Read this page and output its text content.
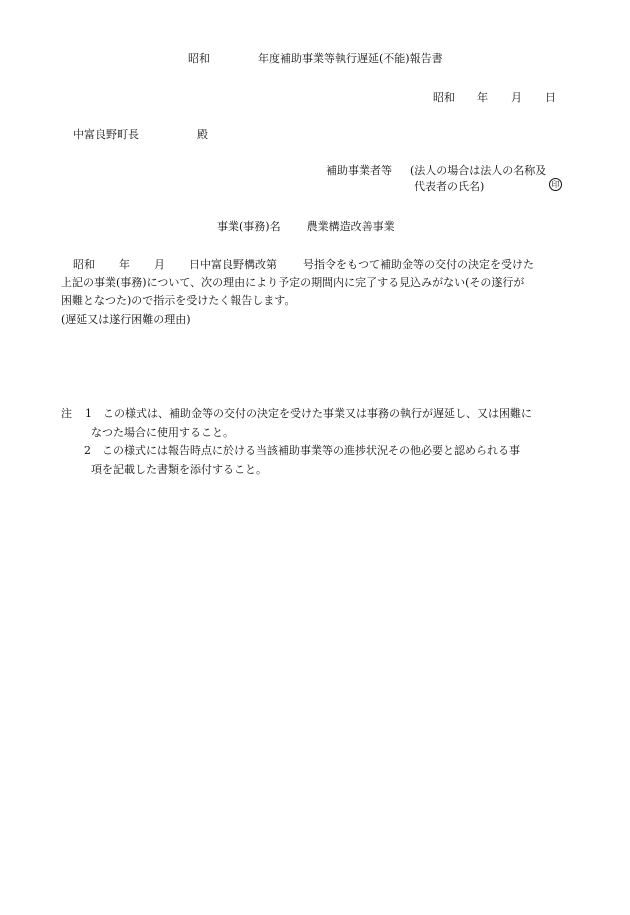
昭和	年度補助事業等執行遅延(不能)報告書
昭和 年 月 日
中富良野町長	殿
補助事業者等 (法人の場合は法人の名称及
代表者の氏名)	印
事業(事務)名 農業構造改善事業
昭和 年 月 日中富良野構改第 号指令をもつて補助金等の交付の決定を受けた
上記の事業(事務)について、次の理由により予定の期間内に完了する見込みがない(その遂行が
困難となつた)ので指示を受けたく報告します。
(遅延又は遂行困難の理由)
注 1 この様式は、補助金等の交付の決定を受けた事業又は事務の執行が遅延し、又は困難に
なつた場合に使用すること。
2 この様式には報告時点に於ける当該補助事業等の進捗状況その他必要と認められる事
項を記載した書類を添付すること。
